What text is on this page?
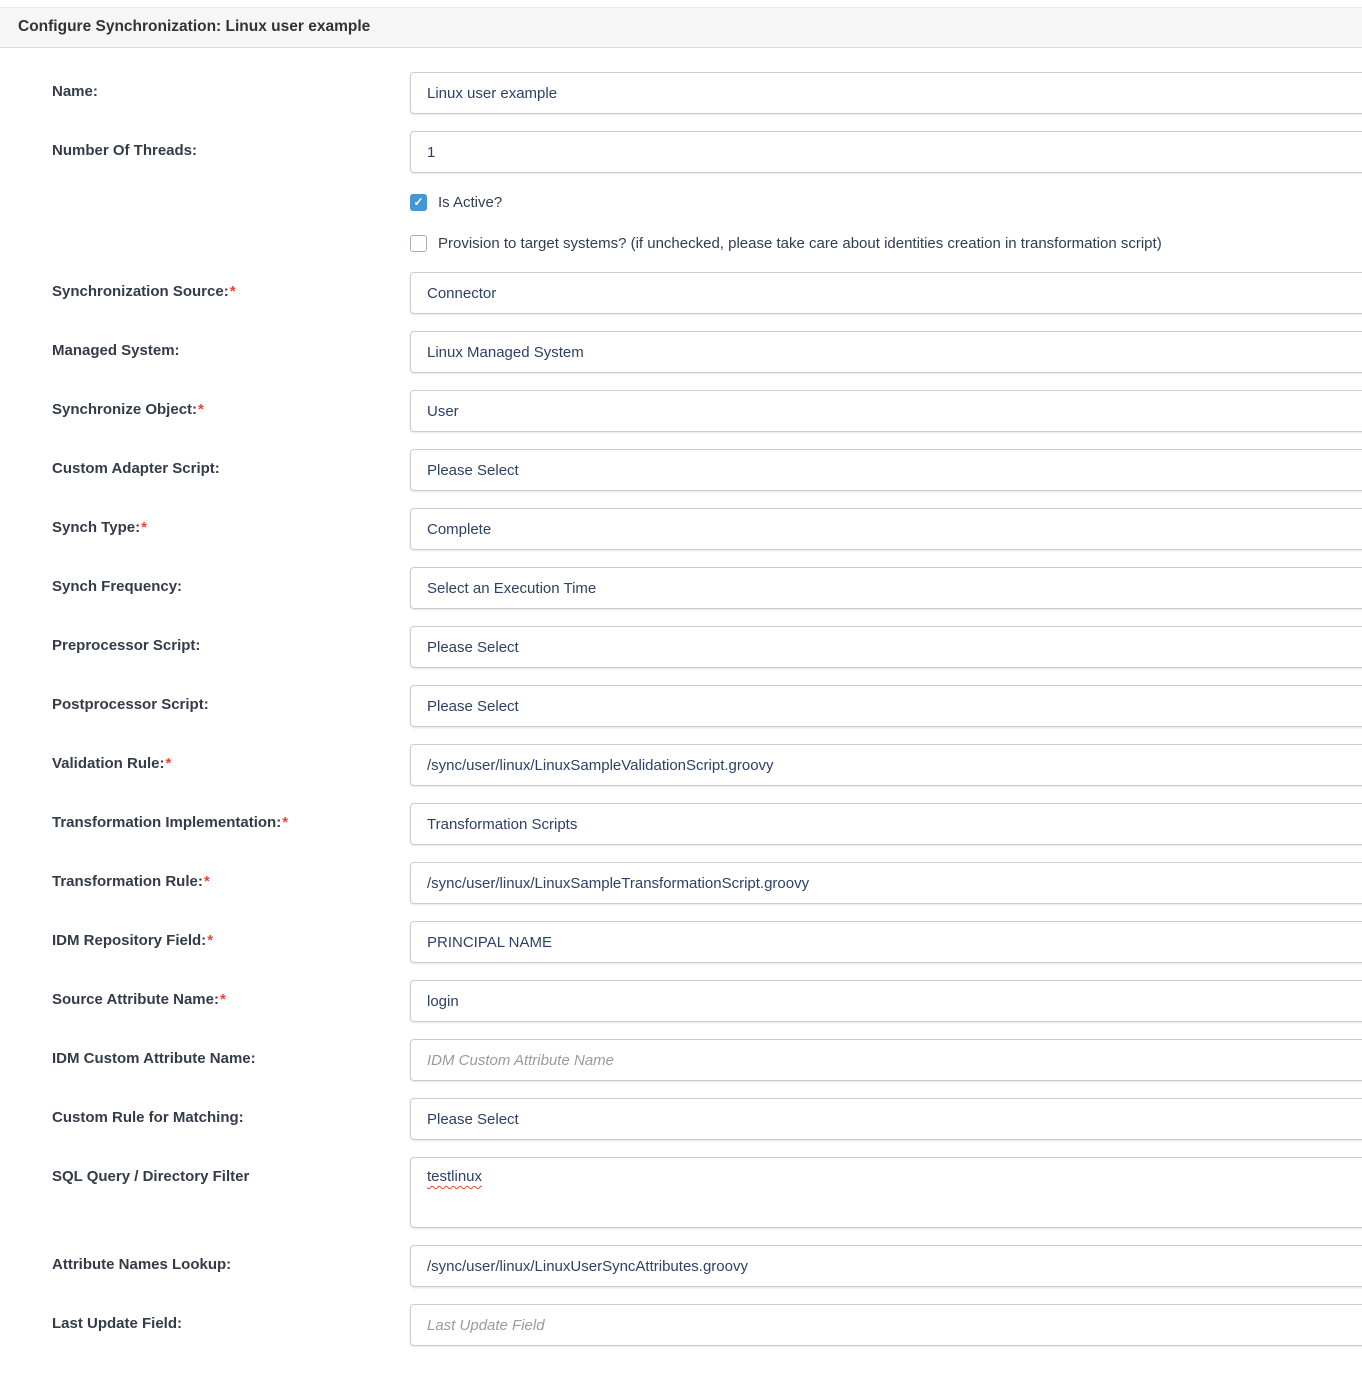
Configure Synchronization: Linux user example
Name:	Linux user example
Number Of Threads:	1
✓
Is Active?
Provision to target systems? (if unchecked, please take care about identities creation in transformation script)
Synchronization Source:*	Connector
Managed System:	Linux Managed System
Synchronize Object:*	User
Custom Adapter Script:	Please Select
Synch Type:*	Complete
Synch Frequency:	Select an Execution Time
Preprocessor Script:	Please Select
Postprocessor Script:	Please Select
Validation Rule:*	/sync/user/linux/LinuxSampleValidationScript.groovy
Transformation Implementation:*	Transformation Scripts
Transformation Rule:*	/sync/user/linux/LinuxSampleTransformationScript.groovy
IDM Repository Field:*	PRINCIPAL NAME
Source Attribute Name:*	login
IDM Custom Attribute Name:	IDM Custom Attribute Name
Custom Rule for Matching:	Please Select
SQL Query / Directory Filter	testlinux
Attribute Names Lookup:	/sync/user/linux/LinuxUserSyncAttributes.groovy
Last Update Field:	Last Update Field
